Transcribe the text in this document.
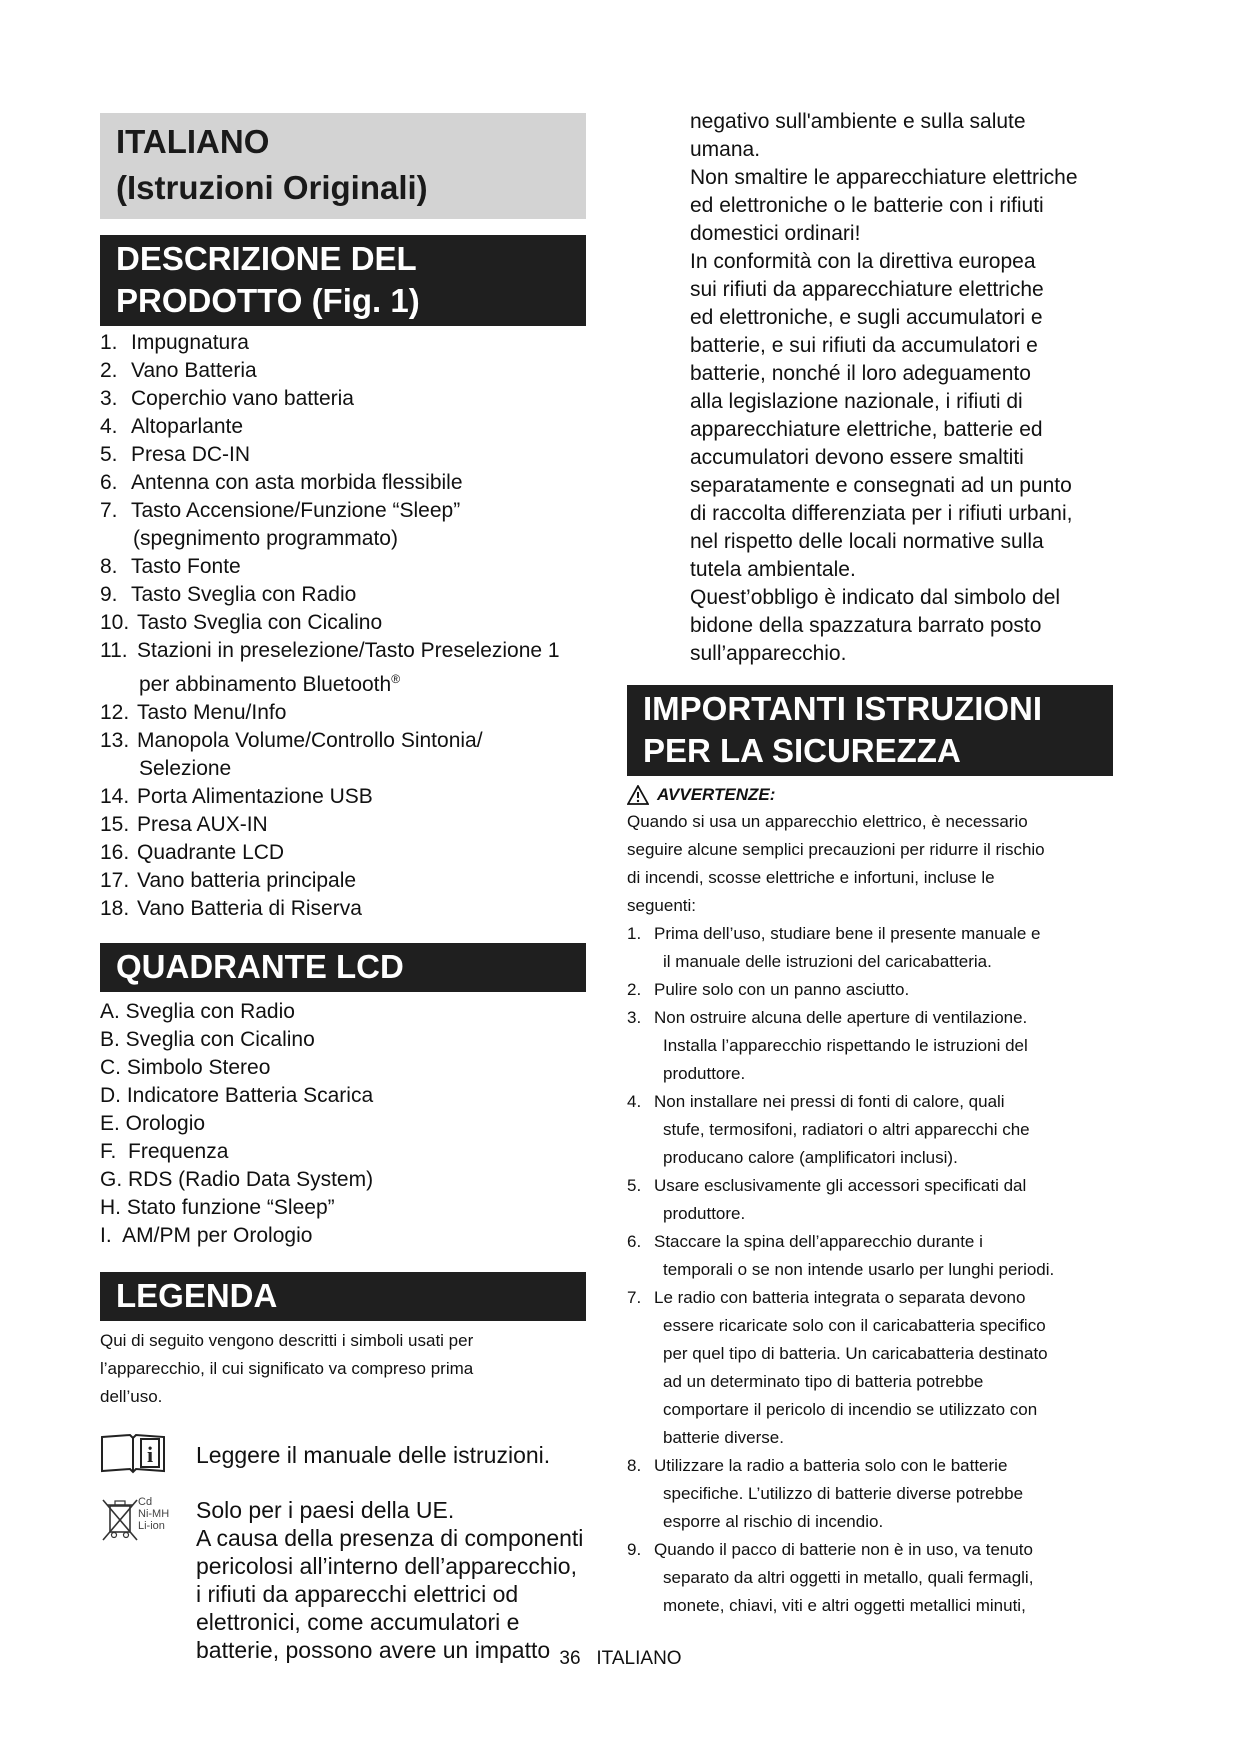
ITALIANO
(Istruzioni Originali)
DESCRIZIONE DEL
PRODOTTO (Fig. 1)
1. Impugnatura
2. Vano Batteria
3. Coperchio vano batteria
4. Altoparlante
5. Presa DC-IN
6. Antenna con asta morbida flessibile
7. Tasto Accensione/Funzione “Sleep”
(spegnimento programmato)
8. Tasto Fonte
9. Tasto Sveglia con Radio
10. Tasto Sveglia con Cicalino
11. Stazioni in preselezione/Tasto Preselezione 1
per abbinamento Bluetooth®
12. Tasto Menu/Info
13. Manopola Volume/Controllo Sintonia/
Selezione
14. Porta Alimentazione USB
15. Presa AUX-IN
16. Quadrante LCD
17. Vano batteria principale
18. Vano Batteria di Riserva
QUADRANTE LCD
A. Sveglia con Radio
B. Sveglia con Cicalino
C. Simbolo Stereo
D. Indicatore Batteria Scarica
E. Orologio
F.  Frequenza
G. RDS (Radio Data System)
H. Stato funzione “Sleep”
I.  AM/PM per Orologio
LEGENDA

Qui di seguito vengono descritti i simboli usati per

l’apparecchio, il cui significato va compreso prima

dell’uso.

i Leggere il manuale delle istruzioni.
Cd
Ni-MH
Li-ion
Solo per i paesi della UE.
A causa della presenza di componenti
pericolosi all’interno dell’apparecchio,
i rifiuti da apparecchi elettrici od
elettronici, come accumulatori e
batterie, possono avere un impatto

negativo sull'ambiente e sulla salute

umana.

Non smaltire le apparecchiature elettriche

ed elettroniche o le batterie con i rifiuti

domestici ordinari!

In conformità con la direttiva europea

sui rifiuti da apparecchiature elettriche

ed elettroniche, e sugli accumulatori e

batterie, e sui rifiuti da accumulatori e

batterie, nonché il loro adeguamento

alla legislazione nazionale, i rifiuti di

apparecchiature elettriche, batterie ed

accumulatori devono essere smaltiti

separatamente e consegnati ad un punto

di raccolta differenziata per i rifiuti urbani,

nel rispetto delle locali normative sulla

tutela ambientale.

Quest’obbligo è indicato dal simbolo del

bidone della spazzatura barrato posto

sull’apparecchio.

IMPORTANTI ISTRUZIONI
PER LA SICUREZZA
AVVERTENZE:

Quando si usa un apparecchio elettrico, è necessario

seguire alcune semplici precauzioni per ridurre il rischio

di incendi, scosse elettriche e infortuni, incluse le

seguenti:

1. Prima dell’uso, studiare bene il presente manuale e
il manuale delle istruzioni del caricabatteria.
2. Pulire solo con un panno asciutto.
3. Non ostruire alcuna delle aperture di ventilazione.
Installa l’apparecchio rispettando le istruzioni del
produttore.
4. Non installare nei pressi di fonti di calore, quali
stufe, termosifoni, radiatori o altri apparecchi che
producano calore (amplificatori inclusi).
5. Usare esclusivamente gli accessori specificati dal
produttore.
6. Staccare la spina dell’apparecchio durante i
temporali o se non intende usarlo per lunghi periodi.
7. Le radio con batteria integrata o separata devono
essere ricaricate solo con il caricabatteria specifico
per quel tipo di batteria. Un caricabatteria destinato
ad un determinato tipo di batteria potrebbe
comportare il pericolo di incendio se utilizzato con
batterie diverse.
8. Utilizzare la radio a batteria solo con le batterie
specifiche. L’utilizzo di batterie diverse potrebbe
esporre al rischio di incendio.
9. Quando il pacco di batterie non è in uso, va tenuto
separato da altri oggetti in metallo, quali fermagli,
monete, chiavi, viti e altri oggetti metallici minuti,
36 ITALIANO
